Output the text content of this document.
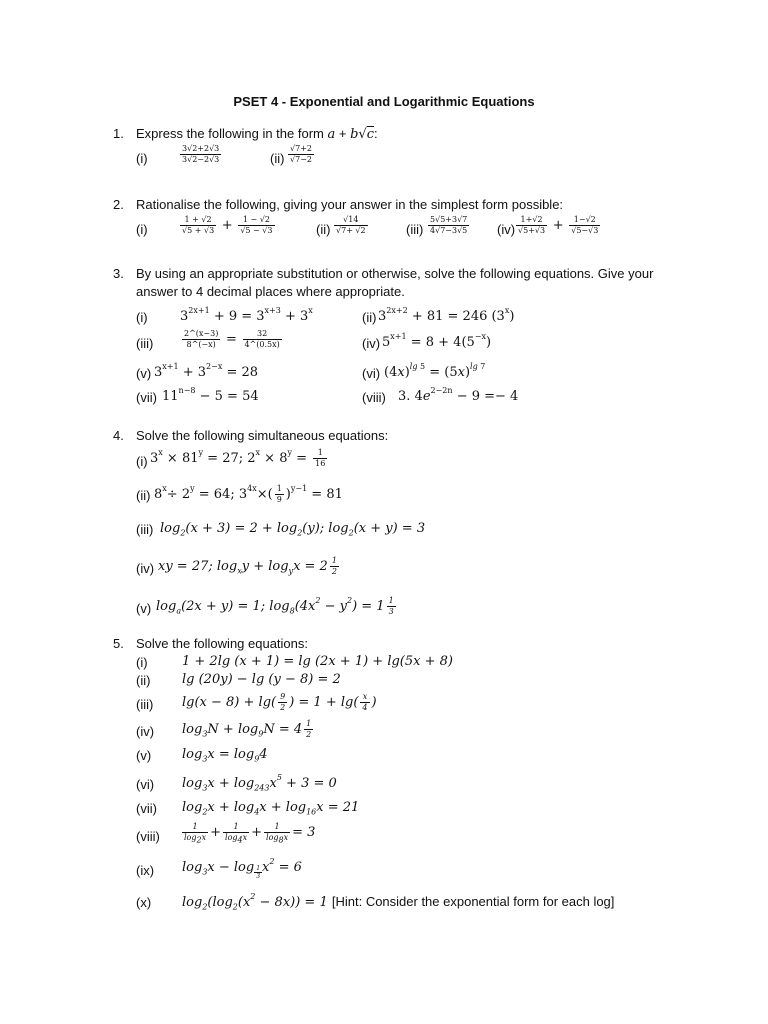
PSET 4 - Exponential and Logarithmic Equations
1. Express the following in the form a + b√c:
(i)	$\frac{3√2+2√3}{3√2-2√3}$	$(ii) \frac{√7+2}{√7-2}$
2. Rationalise the following, giving your answer in the simplest form possible:
(i)	$\frac{1 + √2}{√5 + √3} + \frac{1 - √2}{√5 - √3}$	$(ii) \frac{√14}{√7+ √2}$	$(iii) \frac{5√5+3√7}{4√7-3√5} (iv) \frac{1+√2}{√5+√3} + \frac{1-√2}{√5-√3}$
3. By using an appropriate substitution or otherwise, solve the following equations. Give your
answer to 4 decimal places where appropriate.
(i) $3^{2x+1} + 9 = 3^{x+3} + 3^x$	(ii) $3^{2x+2} + 81 = 246$ (3$^x$)
(iii)	$\frac{2\^{}(x-3)}{8\^{}(-x)} = \frac{32}{4\^{}(0.5x)}$	(iv) $5^{x+1} = 8 + 4(5^{-x})$
(v) $3^{x+1} + 3^{2-x} = 28$	(vi) $(4x)^{lg 5} = (5x)^{lg 7}$
(vii) $11^{n-8} - 5 = 54$	(viii) 3. $4e^{2-2n} - 9 =- 4$
4. Solve the following simultaneous equations:
(i) $3^x \times 81^y = 27$; $2^x \times 8^y = \frac{1}{16}$
(ii) $8^x\div 2^y = 64$; $3^{4x}\times( \frac{1}{9} )^{y-1} = 81$
(iii) $\log_2(x + 3) = 2 + \log_2(y)$; $\log_2(x + y) = 3$
(iv) xy = 27; $\log_xy + \log_yx = 2 \frac{1}{2}$
(v) $\log_a(2x + y) = 1$; $\log_8(4x^2 - y^2) = 1 \frac{1}{3}$
5. Solve the following equations:
(i)	1 + 2lg (x + 1) = lg (2x + 1) + lg(5x + 8)
(ii) lg (20y) − lg (y − 8) = 2
(iii) $\lg(x - 8) + \lg( \frac{9}{2}$ ) = $1 + \lg( \frac{x}{4}$ )
(iv) $\log_3N + \log_9N = 4 \frac{1}{2}$
(v) $\log_3x = \log_94$
(vi) $\log_3x + \log_{243}x^5 + 3 = 0$
(vii) $\log_2x + \log_4x + \log_{16}x = 21$
(viii)	$\frac{1}{\log_2x} + \frac{1}{\log_4x} + \frac{1}{\log_8x} = 3$
(ix) $\log_3x - \log _{\frac{1}{3}}$ $x^2 = 6$
(x) $\log_2(\log_2(x^2 - 8x)) = 1$ [Hint: Consider the exponential form for each log]
